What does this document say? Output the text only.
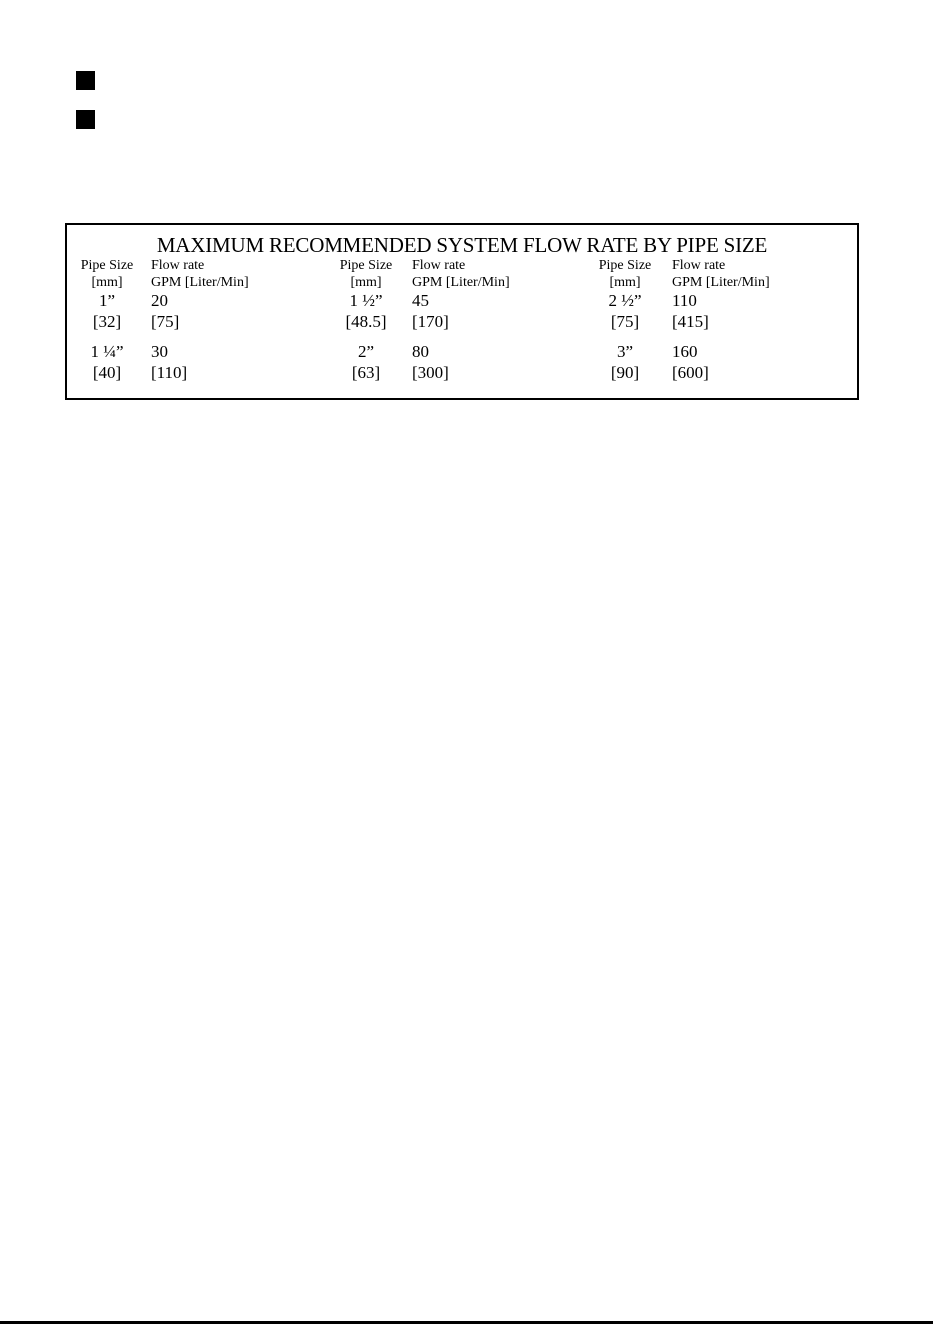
MAXIMUM RECOMMENDED SYSTEM FLOW RATE BY PIPE SIZE
Pipe Size
[mm]
Flow rate
GPM [Liter/Min]
1”	20
[32]	[75]
1 ¼”	30
[40]	[110]
Pipe Size
[mm]
Flow rate
GPM [Liter/Min]
1 ½”	45
[48.5]	[170]
2”	80
[63]	[300]
Pipe Size
[mm]
Flow rate
GPM [Liter/Min]
2 ½”	110
[75]	[415]
3”	160
[90]	[600]
